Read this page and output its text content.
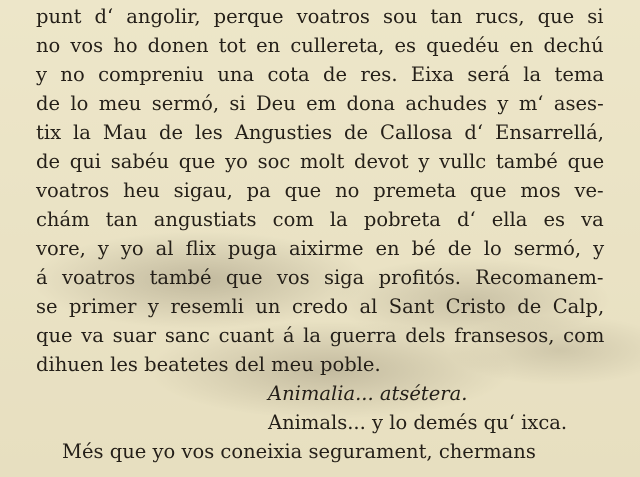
punt d‘ angolir, perque voatros sou tan rucs, que si
no vos ho donen tot en cullereta, es quedéu en dechú
y no compreniu una cota de res. Eixa será la tema
de lo meu sermó, si Deu em dona achudes y m‘ ases-
tix la Mau de les Angusties de Callosa d‘ Ensarrellá,
de qui sabéu que yo soc molt devot y vullc també que
voatros heu sigau, pa que no premeta que mos ve-
chám tan angustiats com la pobreta d‘ ella es va
vore, y yo al flix puga aixirme en bé de lo sermó, y
á voatros també que vos siga profitós. Recomanem-
se primer y resemli un credo al Sant Cristo de Calp,
que va suar sanc cuant á la guerra dels fransesos, com
dihuen les beatetes del meu poble.
Animalia... atsétera.
Animals... y lo demés qu‘ ixca.
Més que yo vos coneixia segurament, chermans
